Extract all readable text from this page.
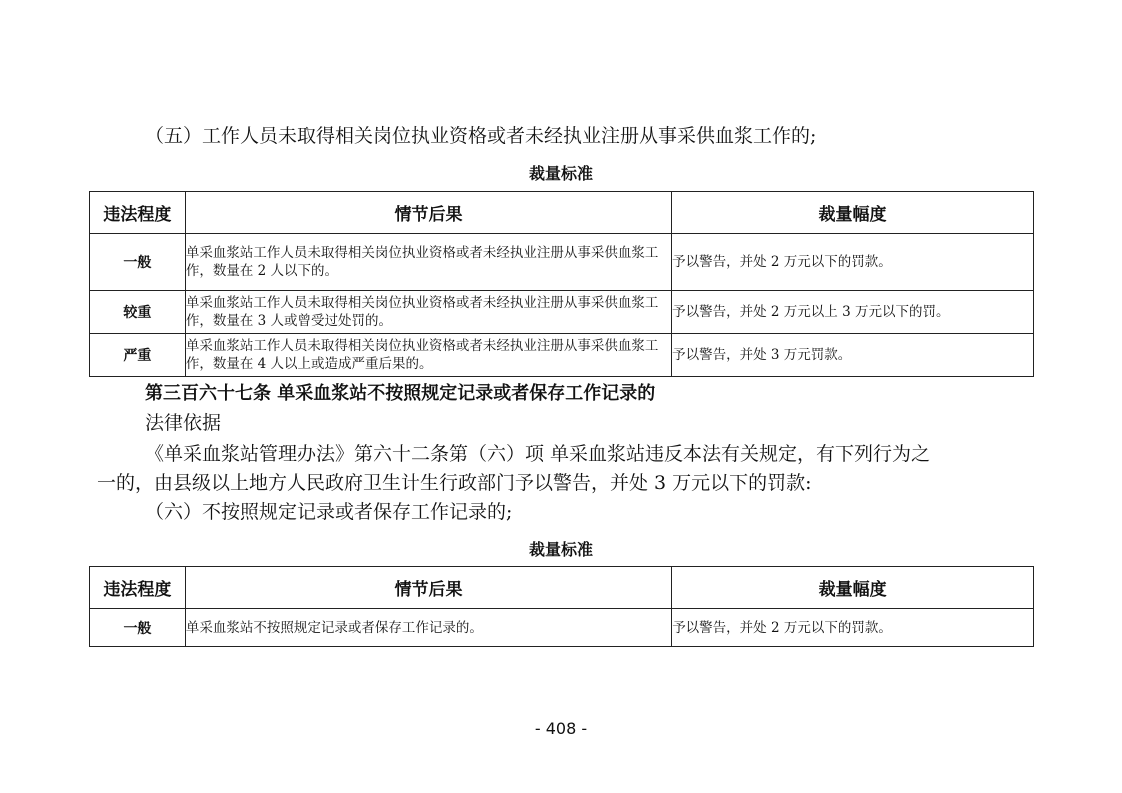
（五）工作人员未取得相关岗位执业资格或者未经执业注册从事采供血浆工作的;
裁量标准
违法程度	情节后果	裁量幅度
一般	单采血浆站工作人员未取得相关岗位执业资格或者未经执业注册从事采供血浆工作，数量在 2 人以下的。	予以警告，并处 2 万元以下的罚款。
较重	单采血浆站工作人员未取得相关岗位执业资格或者未经执业注册从事采供血浆工作，数量在 3 人或曾受过处罚的。	予以警告，并处 2 万元以上 3 万元以下的罚。
严重	单采血浆站工作人员未取得相关岗位执业资格或者未经执业注册从事采供血浆工作，数量在 4 人以上或造成严重后果的。	予以警告，并处 3 万元罚款。
第三百六十七条 单采血浆站不按照规定记录或者保存工作记录的
法律依据
《单采血浆站管理办法》第六十二条第（六）项 单采血浆站违反本法有关规定，有下列行为之
一的，由县级以上地方人民政府卫生计生行政部门予以警告，并处 3 万元以下的罚款:
（六）不按照规定记录或者保存工作记录的;
裁量标准
违法程度	情节后果	裁量幅度
一般	单采血浆站不按照规定记录或者保存工作记录的。	予以警告，并处 2 万元以下的罚款。
- 408 -
